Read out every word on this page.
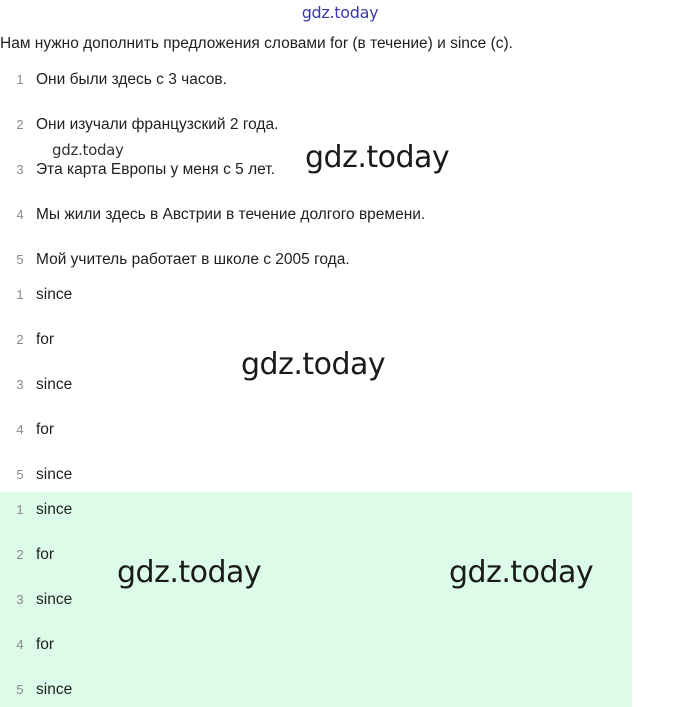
gdz.today
Нам нужно дополнить предложения словами for (в течение) и since (с).
1 Они были здесь с 3 часов.
2 Они изучали французский 2 года.
3 Эта карта Европы у меня с 5 лет.
4 Мы жили здесь в Австрии в течение долгого времени.
5 Мой учитель работает в школе с 2005 года.
1 since
2 for
3 since
4 for
5 since
1 since
2 for
3 since
4 for
5 since
gdz.today	gdz.today
gdz.today
gdz.today	gdz.today
